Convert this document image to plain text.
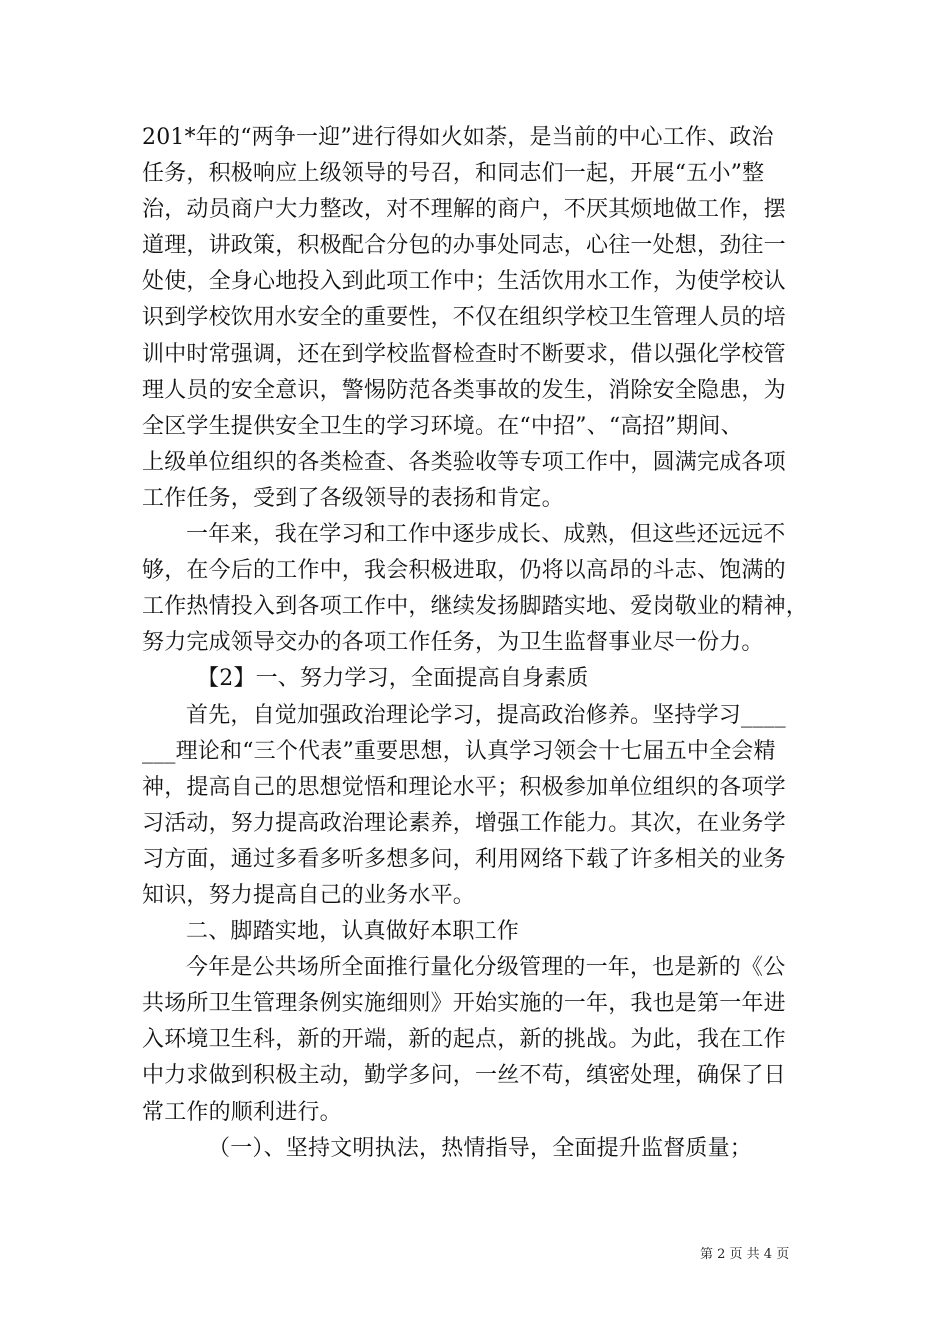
201*年的“两争一迎”进行得如火如荼，是当前的中心工作、政治
任务，积极响应上级领导的号召，和同志们一起，开展“五小”整
治，动员商户大力整改，对不理解的商户，不厌其烦地做工作，摆
道理，讲政策，积极配合分包的办事处同志，心往一处想，劲往一
处使，全身心地投入到此项工作中；生活饮用水工作，为使学校认
识到学校饮用水安全的重要性，不仅在组织学校卫生管理人员的培
训中时常强调，还在到学校监督检查时不断要求，借以强化学校管
理人员的安全意识，警惕防范各类事故的发生，消除安全隐患，为
全区学生提供安全卫生的学习环境。在“中招”、“高招”期间、
上级单位组织的各类检查、各类验收等专项工作中，圆满完成各项
工作任务，受到了各级领导的表扬和肯定。
一年来，我在学习和工作中逐步成长、成熟，但这些还远远不
够，在今后的工作中，我会积极进取，仍将以高昂的斗志、饱满的
工作热情投入到各项工作中，继续发扬脚踏实地、爱岗敬业的精神，
努力完成领导交办的各项工作任务，为卫生监督事业尽一份力。
【2】一、努力学习，全面提高自身素质
首先，自觉加强政治理论学习，提高政治修养。坚持学习____
___理论和“三个代表”重要思想，认真学习领会十七届五中全会精
神，提高自己的思想觉悟和理论水平；积极参加单位组织的各项学
习活动，努力提高政治理论素养，增强工作能力。其次，在业务学
习方面，通过多看多听多想多问，利用网络下载了许多相关的业务
知识，努力提高自己的业务水平。
二、脚踏实地，认真做好本职工作
今年是公共场所全面推行量化分级管理的一年，也是新的《公
共场所卫生管理条例实施细则》开始实施的一年，我也是第一年进
入环境卫生科，新的开端，新的起点，新的挑战。为此，我在工作
中力求做到积极主动，勤学多问，一丝不苟，缜密处理，确保了日
常工作的顺利进行。
（一）、坚持文明执法，热情指导，全面提升监督质量；
第 2 页 共 4 页
